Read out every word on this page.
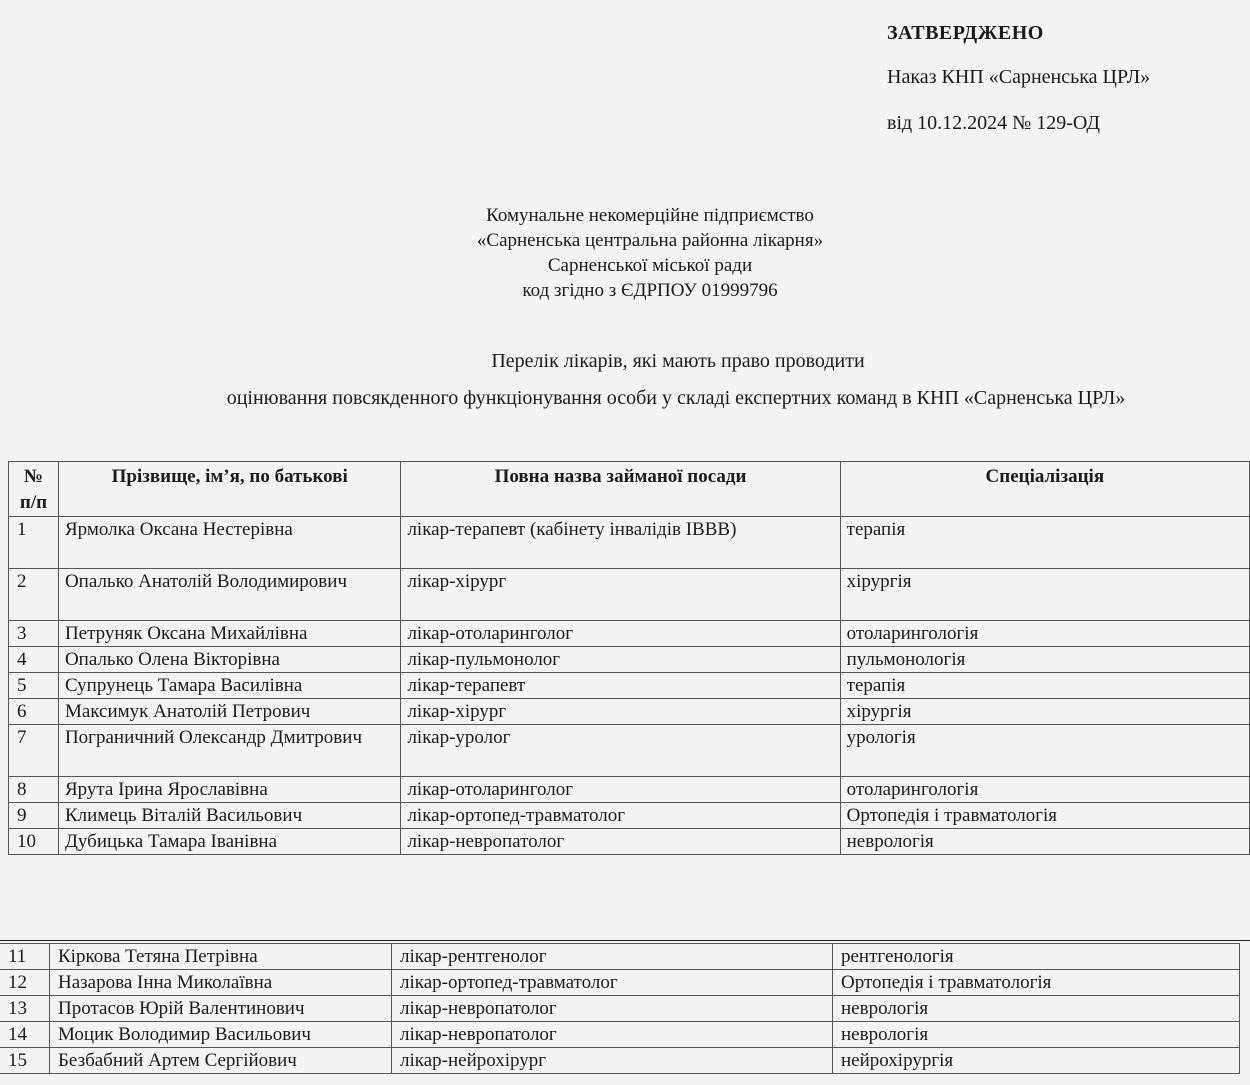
ЗАТВЕРДЖЕНО
Наказ КНП «Сарненська ЦРЛ»
від 10.12.2024 № 129-ОД
Комунальне некомерційне підприємство
«Сарненська центральна районна лікарня»
Сарненської міської ради
код згідно з ЄДРПОУ 01999796
Перелік лікарів, які мають право проводити
оцінювання повсякденного функціонування особи у складі експертних команд в КНП «Сарненська ЦРЛ»
№
п/п	Прізвище, ім’я, по батькові	Повна назва займаної посади	Спеціалізація
1	Ярмолка Оксана Нестерівна	лікар-терапевт (кабінету інвалідів ІВВВ)	терапія
2	Опалько Анатолій Володимирович	лікар-хірург	хірургія
3	Петруняк Оксана Михайлівна	лікар-отоларинголог	отоларингологія
4	Опалько Олена Вікторівна	лікар-пульмонолог	пульмонологія
5	Супрунець Тамара Василівна	лікар-терапевт	терапія
6	Максимук Анатолій Петрович	лікар-хірург	хірургія
7	Пограничний Олександр Дмитрович	лікар-уролог	урологія
8	Ярута Ірина Ярославівна	лікар-отоларинголог	отоларингологія
9	Климець Віталій Васильович	лікар-ортопед-травматолог	Ортопедія і травматологія
10	Дубицька Тамара Іванівна	лікар-невропатолог	неврологія
11	Кіркова Тетяна Петрівна	лікар-рентгенолог	рентгенологія
12	Назарова Інна Миколаївна	лікар-ортопед-травматолог	Ортопедія і травматологія
13	Протасов Юрій Валентинович	лікар-невропатолог	неврологія
14	Моцик Володимир Васильович	лікар-невропатолог	неврологія
15	Безбабний Артем Сергійович	лікар-нейрохірург	нейрохірургія
